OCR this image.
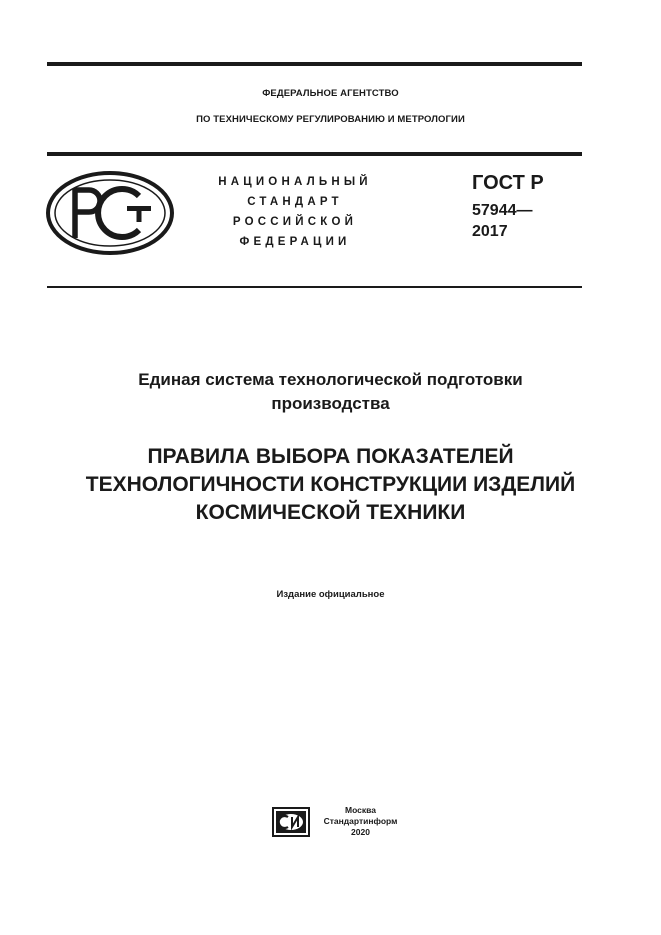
ФЕДЕРАЛЬНОЕ АГЕНТСТВО
ПО ТЕХНИЧЕСКОМУ РЕГУЛИРОВАНИЮ И МЕТРОЛОГИИ
НАЦИОНАЛЬНЫЙ
СТАНДАРТ
РОССИЙСКОЙ
ФЕДЕРАЦИИ
ГОСТ Р
57944—
2017
Единая система технологической подготовки
производства
ПРАВИЛА ВЫБОРА ПОКАЗАТЕЛЕЙ
ТЕХНОЛОГИЧНОСТИ КОНСТРУКЦИИ ИЗДЕЛИЙ
КОСМИЧЕСКОЙ ТЕХНИКИ
Издание официальное
Москва
Стандартинформ
2020
